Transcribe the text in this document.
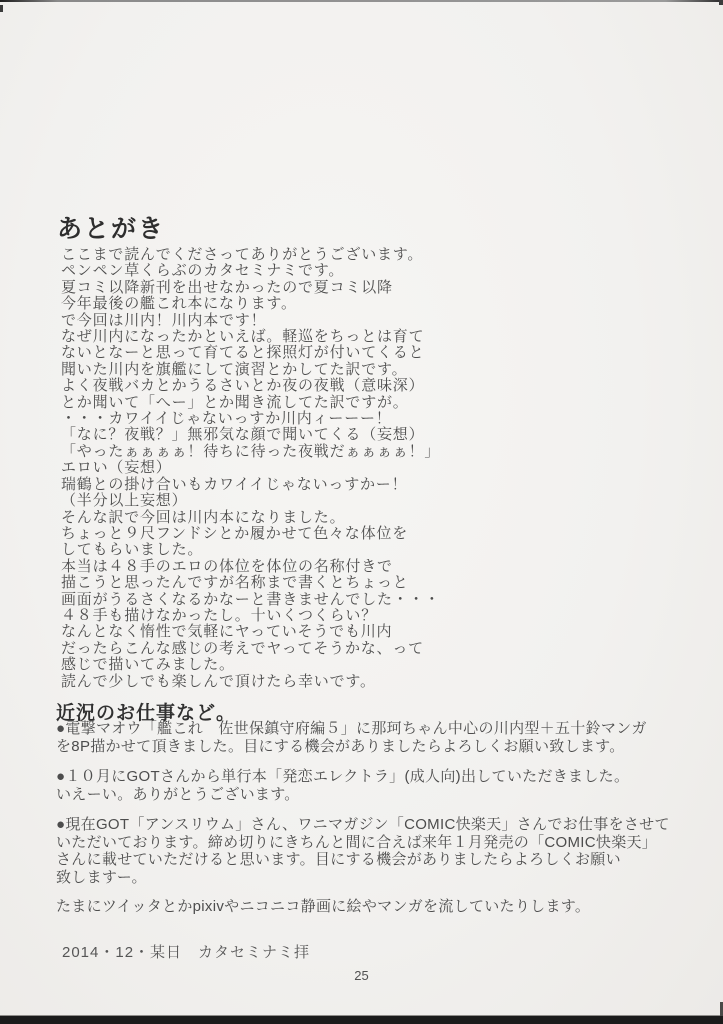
あとがき
ここまで読んでくださってありがとうございます。
ペンペン草くらぶのカタセミナミです。
夏コミ以降新刊を出せなかったので夏コミ以降
今年最後の艦これ本になります。
で今回は川内！川内本です！
なぜ川内になったかといえば。軽巡をちっとは育て
ないとなーと思って育てると探照灯が付いてくると
聞いた川内を旗艦にして演習とかしてた訳です。
よく夜戦バカとかうるさいとか夜の夜戦（意味深）
とか聞いて「へー」とか聞き流してた訳ですが。
・・・カワイイじゃないっすか川内ィーーー！
「なに？夜戦？」無邪気な顔で聞いてくる（妄想）
「やったぁぁぁぁ！待ちに待った夜戦だぁぁぁぁ！」
エロい（妄想）
瑞鶴との掛け合いもカワイイじゃないっすかー！
（半分以上妄想）
そんな訳で今回は川内本になりました。
ちょっと９尺フンドシとか履かせて色々な体位を
してもらいました。
本当は４８手のエロの体位を体位の名称付きで
描こうと思ったんですが名称まで書くとちょっと
画面がうるさくなるかなーと書きませんでした・・・
４８手も描けなかったし。十いくつくらい？
なんとなく惰性で気軽にヤっていそうでも川内
だったらこんな感じの考えでヤってそうかな、って
感じで描いてみました。
読んで少しでも楽しんで頂けたら幸いです。
近況のお仕事など。
●電撃マオウ「艦これ　佐世保鎮守府編５」に那珂ちゃん中心の川内型＋五十鈴マンガ
を8P描かせて頂きました。目にする機会がありましたらよろしくお願い致します。
●１０月にGOTさんから単行本「発恋エレクトラ」(成人向)出していただきました。
いえーい。ありがとうございます。
●現在GOT「アンスリウム」さん、ワニマガジン「COMIC快楽天」さんでお仕事をさせて
いただいております。締め切りにきちんと間に合えば来年１月発売の「COMIC快楽天」
さんに載せていただけると思います。目にする機会がありましたらよろしくお願い
致しますー。
たまにツイッタとかpixivやニコニコ静画に絵やマンガを流していたりします。
2014・12・某日　カタセミナミ拝
25
